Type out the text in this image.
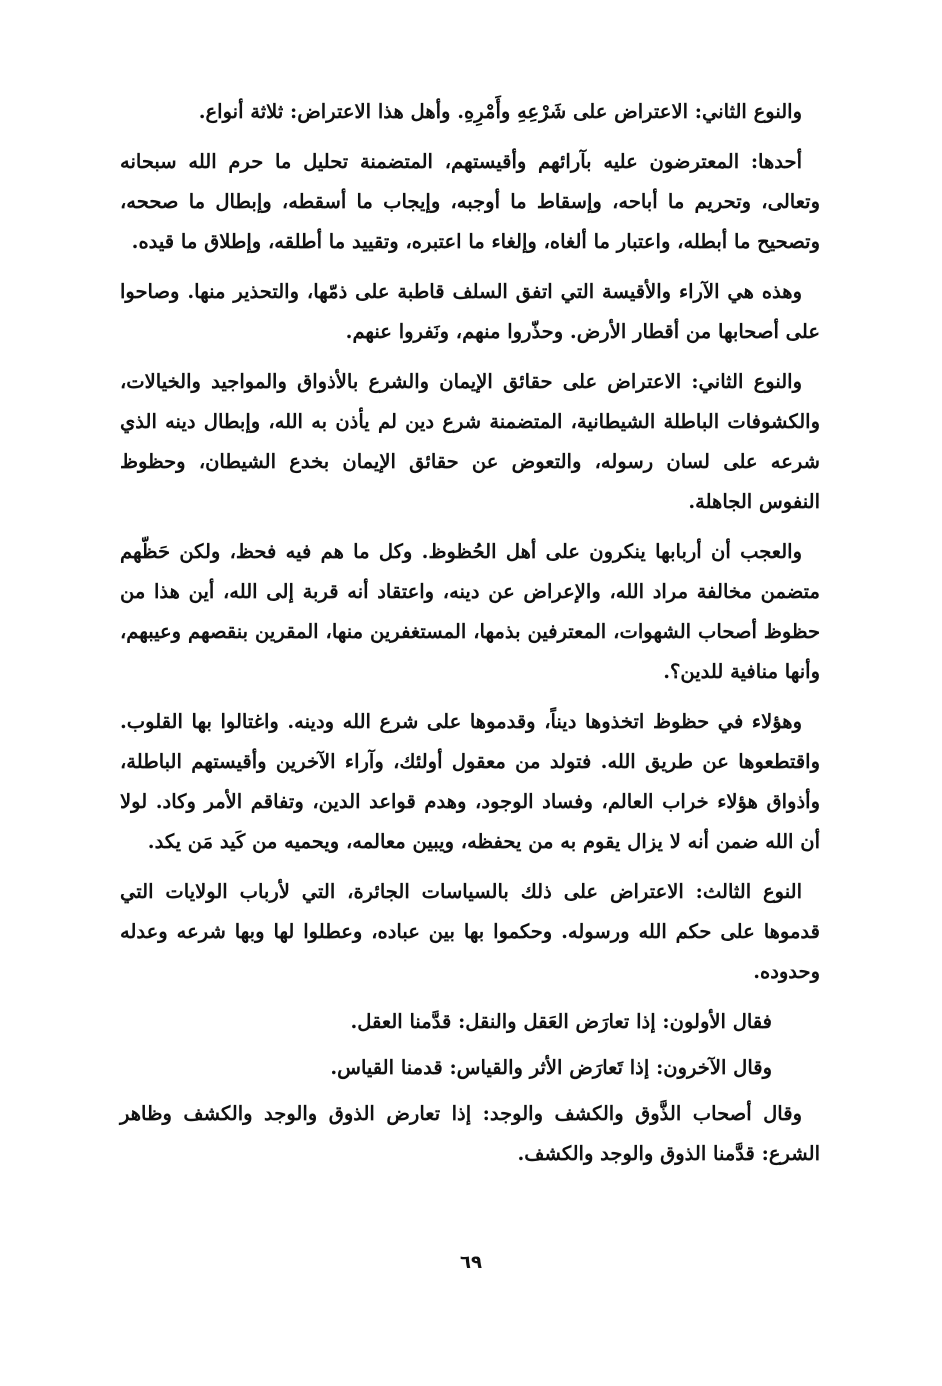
والنوع الثاني: الاعتراض على شَرْعِهِ وأَمْرِهِ. وأهل هذا الاعتراض: ثلاثة أنواع.

أحدها: المعترضون عليه بآرائهم وأقيستهم، المتضمنة تحليل ما حرم الله سبحانه وتعالى، وتحريم ما أباحه، وإسقاط ما أوجبه، وإيجاب ما أسقطه، وإبطال ما صححه، وتصحيح ما أبطله، واعتبار ما ألغاه، وإلغاء ما اعتبره، وتقييد ما أطلقه، وإطلاق ما قيده.

وهذه هي الآراء والأقيسة التي اتفق السلف قاطبة على ذمّها، والتحذير منها. وصاحوا على أصحابها من أقطار الأرض. وحذّروا منهم، ونَفروا عنهم.

والنوع الثاني: الاعتراض على حقائق الإيمان والشرع بالأذواق والمواجيد والخيالات، والكشوفات الباطلة الشيطانية، المتضمنة شرع دين لم يأذن به الله، وإبطال دينه الذي شرعه على لسان رسوله، والتعوض عن حقائق الإيمان بخدع الشيطان، وحظوظ النفوس الجاهلة.

والعجب أن أربابها ينكرون على أهل الحُظوظ. وكل ما هم فيه فحظ، ولكن حَظّهم متضمن مخالفة مراد الله، والإعراض عن دينه، واعتقاد أنه قربة إلى الله، أين هذا من حظوظ أصحاب الشهوات، المعترفين بذمها، المستغفرين منها، المقرين بنقصهم وعيبهم، وأنها منافية للدين؟.

وهؤلاء في حظوظ اتخذوها ديناً، وقدموها على شرع الله ودينه. واغتالوا بها القلوب. واقتطعوها عن طريق الله. فتولد من معقول أولئك، وآراء الآخرين وأقيستهم الباطلة، وأذواق هؤلاء خراب العالم، وفساد الوجود، وهدم قواعد الدين، وتفاقم الأمر وكاد. لولا أن الله ضمن أنه لا يزال يقوم به من يحفظه، ويبين معالمه، ويحميه من كَيد مَن يكد.

النوع الثالث: الاعتراض على ذلك بالسياسات الجائرة، التي لأرباب الولايات التي قدموها على حكم الله ورسوله. وحكموا بها بين عباده، وعطلوا لها وبها شرعه وعدله وحدوده.

فقال الأولون: إذا تعارَض العَقل والنقل: قدَّمنا العقل.

وقال الآخرون: إذا تَعارَض الأثر والقياس: قدمنا القياس.

وقال أصحاب الذَّوق والكشف والوجد: إذا تعارض الذوق والوجد والكشف وظاهر الشرع: قدَّمنا الذوق والوجد والكشف.

٦٩
